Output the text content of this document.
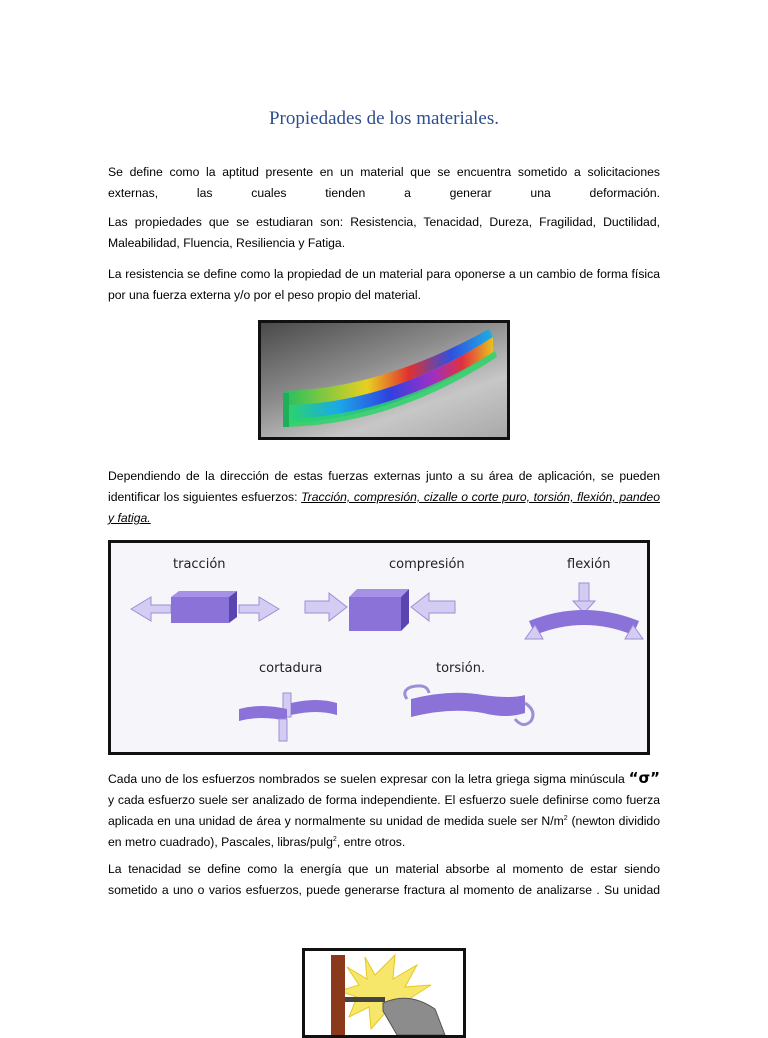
Propiedades de los materiales.

Se define como la aptitud presente en un material que se encuentra sometido a solicitaciones externas, las cuales tienden a generar una deformación.

Las propiedades que se estudiaran son: Resistencia, Tenacidad, Dureza, Fragilidad, Ductilidad, Maleabilidad, Fluencia, Resiliencia y Fatiga.

La resistencia se define como la propiedad de un material para oponerse a un cambio de forma física por una fuerza externa y/o por el peso propio del material.

Dependiendo de la dirección de estas fuerzas externas junto a su área de aplicación, se pueden identificar los siguientes esfuerzos: Tracción, compresión, cizalle o corte puro, torsión, flexión, pandeo y fatiga.

tracción	compresión	flexión
cortadura	torsión.

Cada uno de los esfuerzos nombrados se suelen expresar con la letra griega sigma minúscula “σ” y cada esfuerzo suele ser analizado de forma independiente. El esfuerzo suele definirse como fuerza aplicada en una unidad de área y normalmente su unidad de medida suele ser $N/m^2$ (newton dividido en metro cuadrado), Pascales, libras/pulg$^2$, entre otros.

La tenacidad se define como la energía que un material absorbe al momento de estar siendo sometido a uno o varios esfuerzos, puede generarse fractura al momento de analizarse . Su unidad
